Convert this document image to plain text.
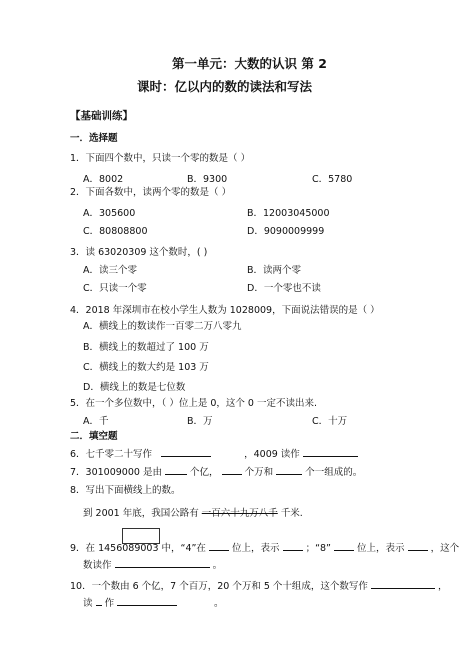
第一单元：大数的认识 第 2
课时：亿以内的数的读法和写法
【基础训练】
一．选择题
1．下面四个数中，只读一个零的数是（ ）
A．8002	B．9300	C．5780
2．下面各数中，读两个零的数是（ ）
A．305600	B．12003045000
C．80808800	D．9090009999
3．读 63020309 这个数时，( )
A．读三个零	B．读两个零
C．只读一个零	D．一个零也不读
4．2018 年深圳市在校小学生人数为 1028009，下面说法错误的是（ ）
A．横线上的数读作一百零二万八零九
B．横线上的数超过了 100 万
C．横线上的数大约是 103 万
D．横线上的数是七位数
5．在一个多位数中，（ ）位上是 0，这个 0 一定不读出来.
A．千	B．万	C．十万
二．填空题
6．七千零二十写作	，4009 读作
7．301009000 是由	个亿，	个万和	个一组成的。
8．写出下面横线上的数。
到 2001 年底，我国公路有 一百六十九万八千 千米.
9．在 1456089003 中，“4”在	位上，表示	；“8”	位上，表示	，这个
数读作	。
10．一个数由 6 个亿，7 个百万，20 个万和 5 个十组成，这个数写作	，
读 作	。
